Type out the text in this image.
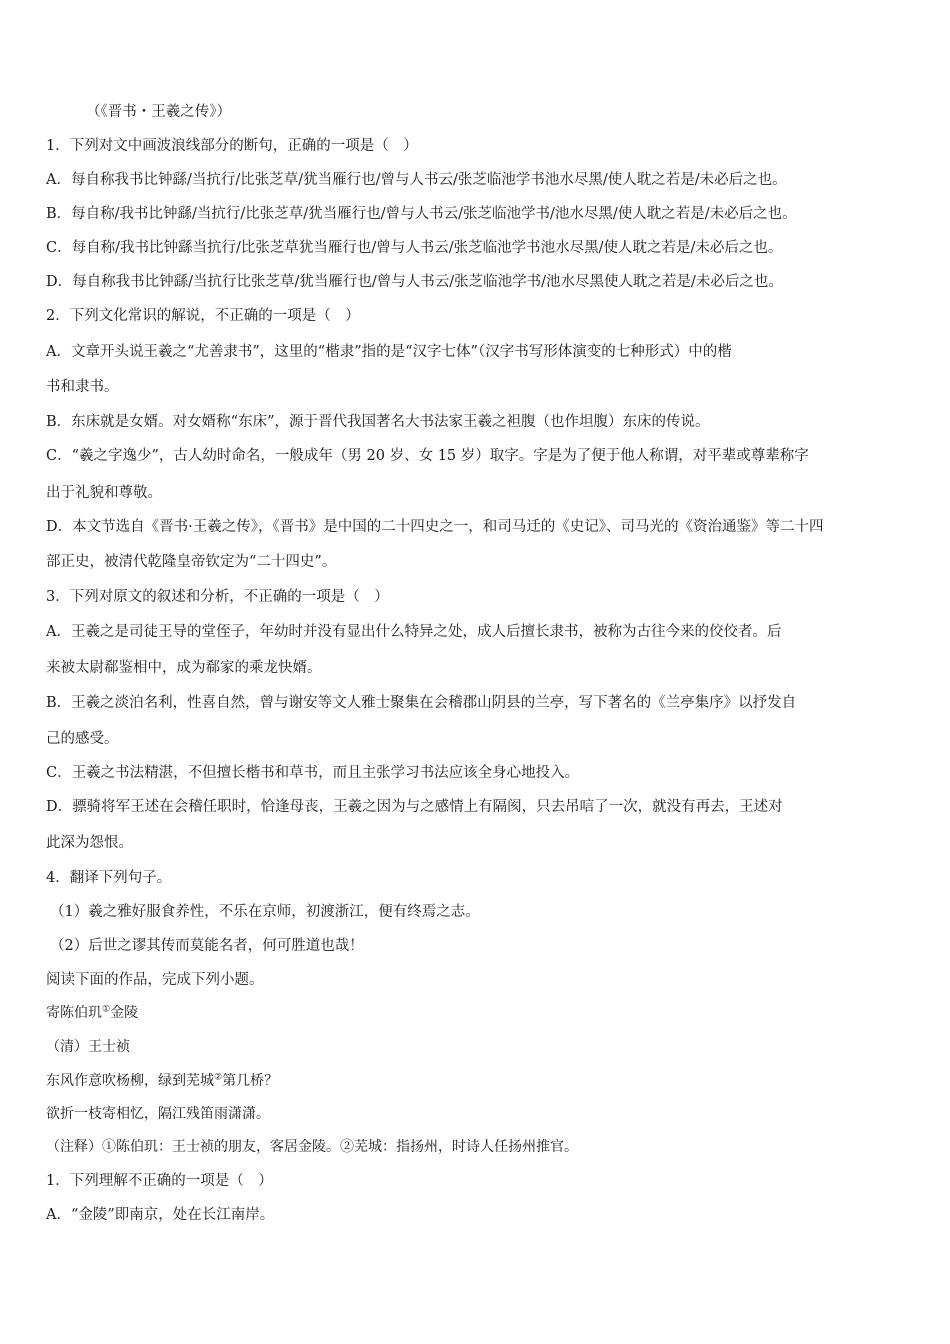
（《晋书・王羲之传》）
1．下列对文中画波浪线部分的断句，正确的一项是（　）
A．每自称我书比钟繇/当抗行/比张芝草/犹当雁行也/曾与人书云/张芝临池学书池水尽黑/使人耽之若是/未必后之也。
B．每自称/我书比钟繇/当抗行/比张芝草/犹当雁行也/曾与人书云/张芝临池学书/池水尽黑/使人耽之若是/未必后之也。
C．每自称/我书比钟繇当抗行/比张芝草犹当雁行也/曾与人书云/张芝临池学书池水尽黑/使人耽之若是/未必后之也。
D．每自称我书比钟繇/当抗行比张芝草/犹当雁行也/曾与人书云/张芝临池学书/池水尽黑使人耽之若是/未必后之也。
2．下列文化常识的解说，不正确的一项是（　）
A．文章开头说王羲之“尤善隶书”，这里的“楷隶”指的是“汉字七体”（汉字书写形体演变的七种形式）中的楷
书和隶书。
B．东床就是女婿。对女婿称“东床”，源于晋代我国著名大书法家王羲之袒腹（也作坦腹）东床的传说。
C．“羲之字逸少”，古人幼时命名，一般成年（男 20 岁、女 15 岁）取字。字是为了便于他人称谓，对平辈或尊辈称字
出于礼貌和尊敬。
D．本文节选自《晋书·王羲之传》，《晋书》是中国的二十四史之一，和司马迁的《史记》、司马光的《资治通鉴》等二十四
部正史，被清代乾隆皇帝钦定为“二十四史”。
3．下列对原文的叙述和分析，不正确的一项是（　）
A．王羲之是司徒王导的堂侄子，年幼时并没有显出什么特异之处，成人后擅长隶书，被称为古往今来的佼佼者。后
来被太尉郗鉴相中，成为郗家的乘龙快婿。
B．王羲之淡泊名利，性喜自然，曾与谢安等文人雅士聚集在会稽郡山阴县的兰亭，写下著名的《兰亭集序》以抒发自
己的感受。
C．王羲之书法精湛，不但擅长楷书和草书，而且主张学习书法应该全身心地投入。
D．骠骑将军王述在会稽任职时，恰逢母丧，王羲之因为与之感情上有隔阂，只去吊唁了一次，就没有再去，王述对
此深为怨恨。
4．翻译下列句子。
（1）羲之雅好服食养性，不乐在京师，初渡浙江，便有终焉之志。
（2）后世之谬其传而莫能名者，何可胜道也哉！
阅读下面的作品，完成下列小题。
寄陈伯玑①金陵
（清）王士祯
东风作意吹杨柳，绿到芜城②第几桥？
欲折一枝寄相忆，隔江残笛雨潇潇。
（注释）①陈伯玑：王士祯的朋友，客居金陵。②芜城：指扬州，时诗人任扬州推官。
1．下列理解不正确的一项是（　）
A．“金陵”即南京，处在长江南岸。
